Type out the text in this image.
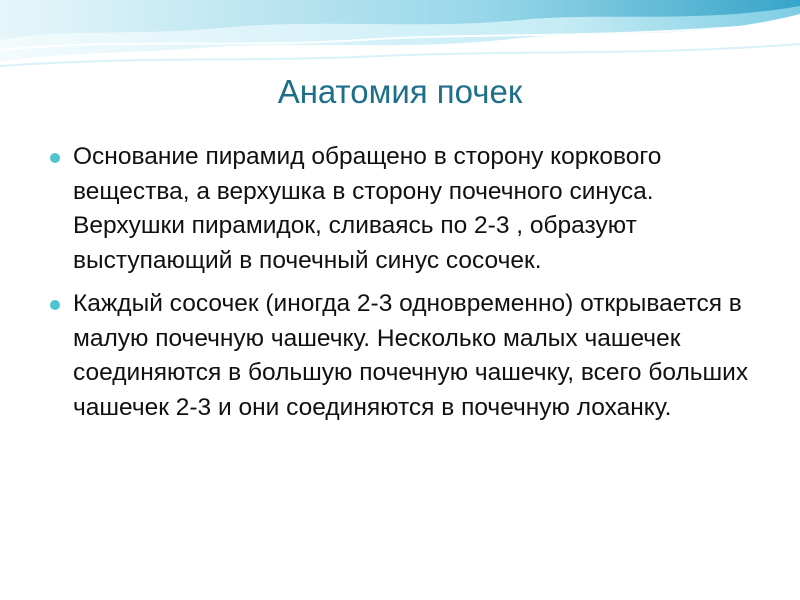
Анатомия почек
Основание пирамид обращено в сторону коркового вещества, а верхушка в сторону почечного синуса. Верхушки пирамидок, сливаясь по 2-3 , образуют выступающий в почечный синус сосочек.
Каждый сосочек (иногда 2-3 одновременно) открывается в малую почечную чашечку. Несколько малых чашечек соединяются в большую почечную чашечку, всего больших чашечек 2-3 и они соединяются в почечную лоханку.
